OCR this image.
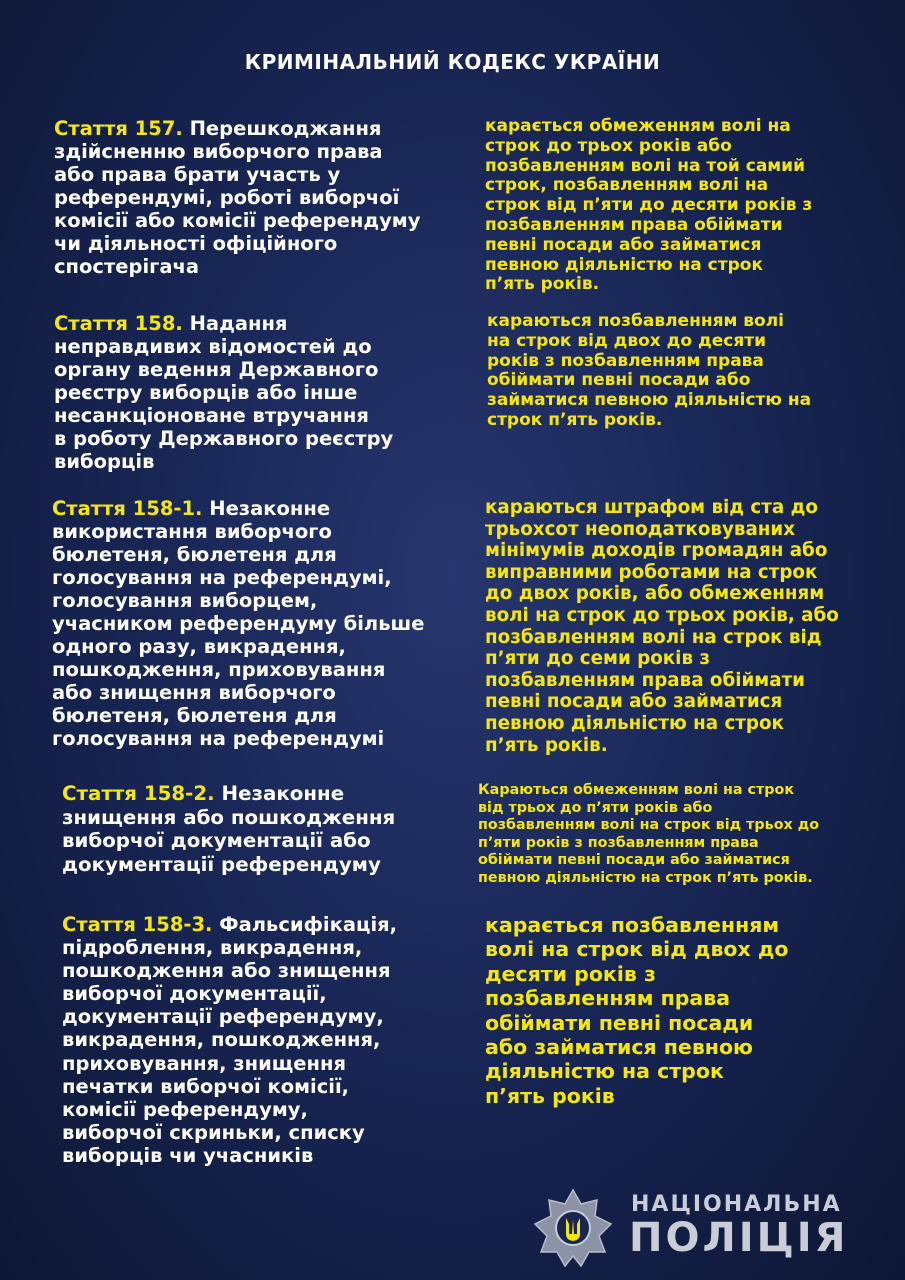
КРИМІНАЛЬНИЙ КОДЕКС УКРАЇНИ
Стаття 157. Перешкоджання
здійсненню виборчого права
або права брати участь у
референдумі, роботі виборчої
комісії або комісії референдуму
чи діяльності офіційного
спостерігача
карається обмеженням волі на
строк до трьох років або
позбавленням волі на той самий
строк, позбавленням волі на
строк від п’яти до десяти років з
позбавленням права обіймати
певні посади або займатися
певною діяльністю на строк
п’ять років.
Стаття 158. Надання
неправдивих відомостей до
органу ведення Державного
реєстру виборців або інше
несанкціоноване втручання
в роботу Державного реєстру
виборців
караються позбавленням волі
на строк від двох до десяти
років з позбавленням права
обіймати певні посади або
займатися певною діяльністю на
строк п’ять років.
Стаття 158-1. Незаконне
використання виборчого
бюлетеня, бюлетеня для
голосування на референдумі,
голосування виборцем,
учасником референдуму більше
одного разу, викрадення,
пошкодження, приховування
або знищення виборчого
бюлетеня, бюлетеня для
голосування на референдумі
караються штрафом від ста до
трьохсот неоподатковуваних
мінімумів доходів громадян або
виправними роботами на строк
до двох років, або обмеженням
волі на строк до трьох років, або
позбавленням волі на строк від
п’яти до семи років з
позбавленням права обіймати
певні посади або займатися
певною діяльністю на строк
п’ять років.
Стаття 158-2. Незаконне
знищення або пошкодження
виборчої документації або
документації референдуму
Караються обмеженням волі на строк
від трьох до п’яти років або
позбавленням волі на строк від трьох до
п’яти років з позбавленням права
обіймати певні посади або займатися
певною діяльністю на строк п’ять років.
Стаття 158-3. Фальсифікація,
підроблення, викрадення,
пошкодження або знищення
виборчої документації,
документації референдуму,
викрадення, пошкодження,
приховування, знищення
печатки виборчої комісії,
комісії референдуму,
виборчої скриньки, списку
виборців чи учасників
карається позбавленням
волі на строк від двох до
десяти років з
позбавленням права
обіймати певні посади
або займатися певною
діяльністю на строк
п’ять років
НАЦІОНАЛЬНА
ПОЛІЦІЯ
